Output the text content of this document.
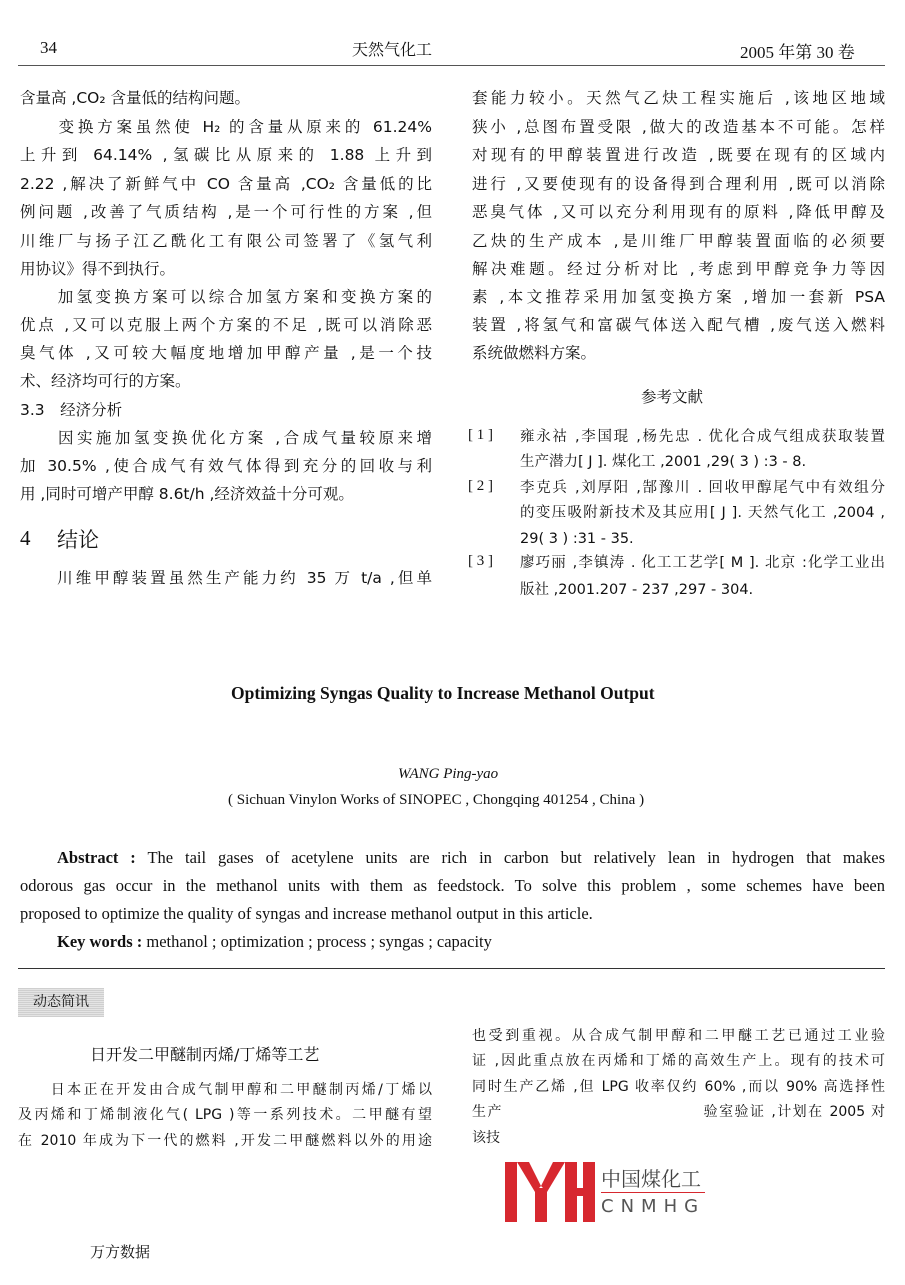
34	天然气化工	2005 年第 30 卷
含量高 ,CO₂ 含量低的结构问题。
　　变换方案虽然使 H₂ 的含量从原来的 61.24%
上升到 64.14% ,氢碳比从原来的 1.88 上升到
2.22 ,解决了新鲜气中 CO 含量高 ,CO₂ 含量低的比
例问题 ,改善了气质结构 ,是一个可行性的方案 ,但
川维厂与扬子江乙酰化工有限公司签署了《氢气利
用协议》得不到执行。
　　加氢变换方案可以综合加氢方案和变换方案的
优点 ,又可以克服上两个方案的不足 ,既可以消除恶
臭气体 ,又可较大幅度地增加甲醇产量 ,是一个技
术、经济均可行的方案。
3.3　经济分析
　　因实施加氢变换优化方案 ,合成气量较原来增
加 30.5% ,使合成气有效气体得到充分的回收与利
用 ,同时可增产甲醇 8.6t/h ,经济效益十分可观。
4 结论
　　川维甲醇装置虽然生产能力约 35 万 t/a ,但单
套能力较小。天然气乙炔工程实施后 ,该地区地域
狭小 ,总图布置受限 ,做大的改造基本不可能。怎样
对现有的甲醇装置进行改造 ,既要在现有的区域内
进行 ,又要使现有的设备得到合理利用 ,既可以消除
恶臭气体 ,又可以充分利用现有的原料 ,降低甲醇及
乙炔的生产成本 ,是川维厂甲醇装置面临的必须要
解决难题。经过分析对比 ,考虑到甲醇竞争力等因
素 ,本文推荐采用加氢变换方案 ,增加一套新 PSA
装置 ,将氢气和富碳气体送入配气槽 ,废气送入燃料
系统做燃料方案。
参考文献
[ 1 ] 雍永祜 ,李国琨 ,杨先忠 . 优化合成气组成获取装置
生产潜力[ J ]. 煤化工 ,2001 ,29( 3 ) :3 - 8.
[ 2 ] 李克兵 ,刘厚阳 ,郜豫川 . 回收甲醇尾气中有效组分
的变压吸附新技术及其应用[ J ]. 天然气化工 ,2004 ,
29( 3 ) :31 - 35.
[ 3 ] 廖巧丽 ,李镇涛 . 化工工艺学[ M ]. 北京 :化学工业出
版社 ,2001.207 - 237 ,297 - 304.
Optimizing Syngas Quality to Increase Methanol Output
WANG Ping-yao
( Sichuan Vinylon Works of SINOPEC , Chongqing 401254 , China )
Abstract : The tail gases of acetylene units are rich in carbon but relatively lean in hydrogen that makes
odorous gas occur in the methanol units with them as feedstock. To solve this problem , some schemes have been
proposed to optimize the quality of syngas and increase methanol output in this article.
Key words : methanol ; optimization ; process ; syngas ; capacity
动态简讯
日开发二甲醚制丙烯/丁烯等工艺
　　日本正在开发由合成气制甲醇和二甲醚制丙烯/丁烯以
及丙烯和丁烯制液化气( LPG )等一系列技术。二甲醚有望
在 2010 年成为下一代的燃料 ,开发二甲醚燃料以外的用途
也受到重视。从合成气制甲醇和二甲醚工艺已通过工业验
证 ,因此重点放在丙烯和丁烯的高效生产上。现有的技术可
同时生产乙烯 ,但 LPG 收率仅约 60% ,而以 90% 高选择性
生产　　　　　　　　　　　　　验室验证 ,计划在 2005 对
该技
中国煤化工
CNMHG
万方数据
